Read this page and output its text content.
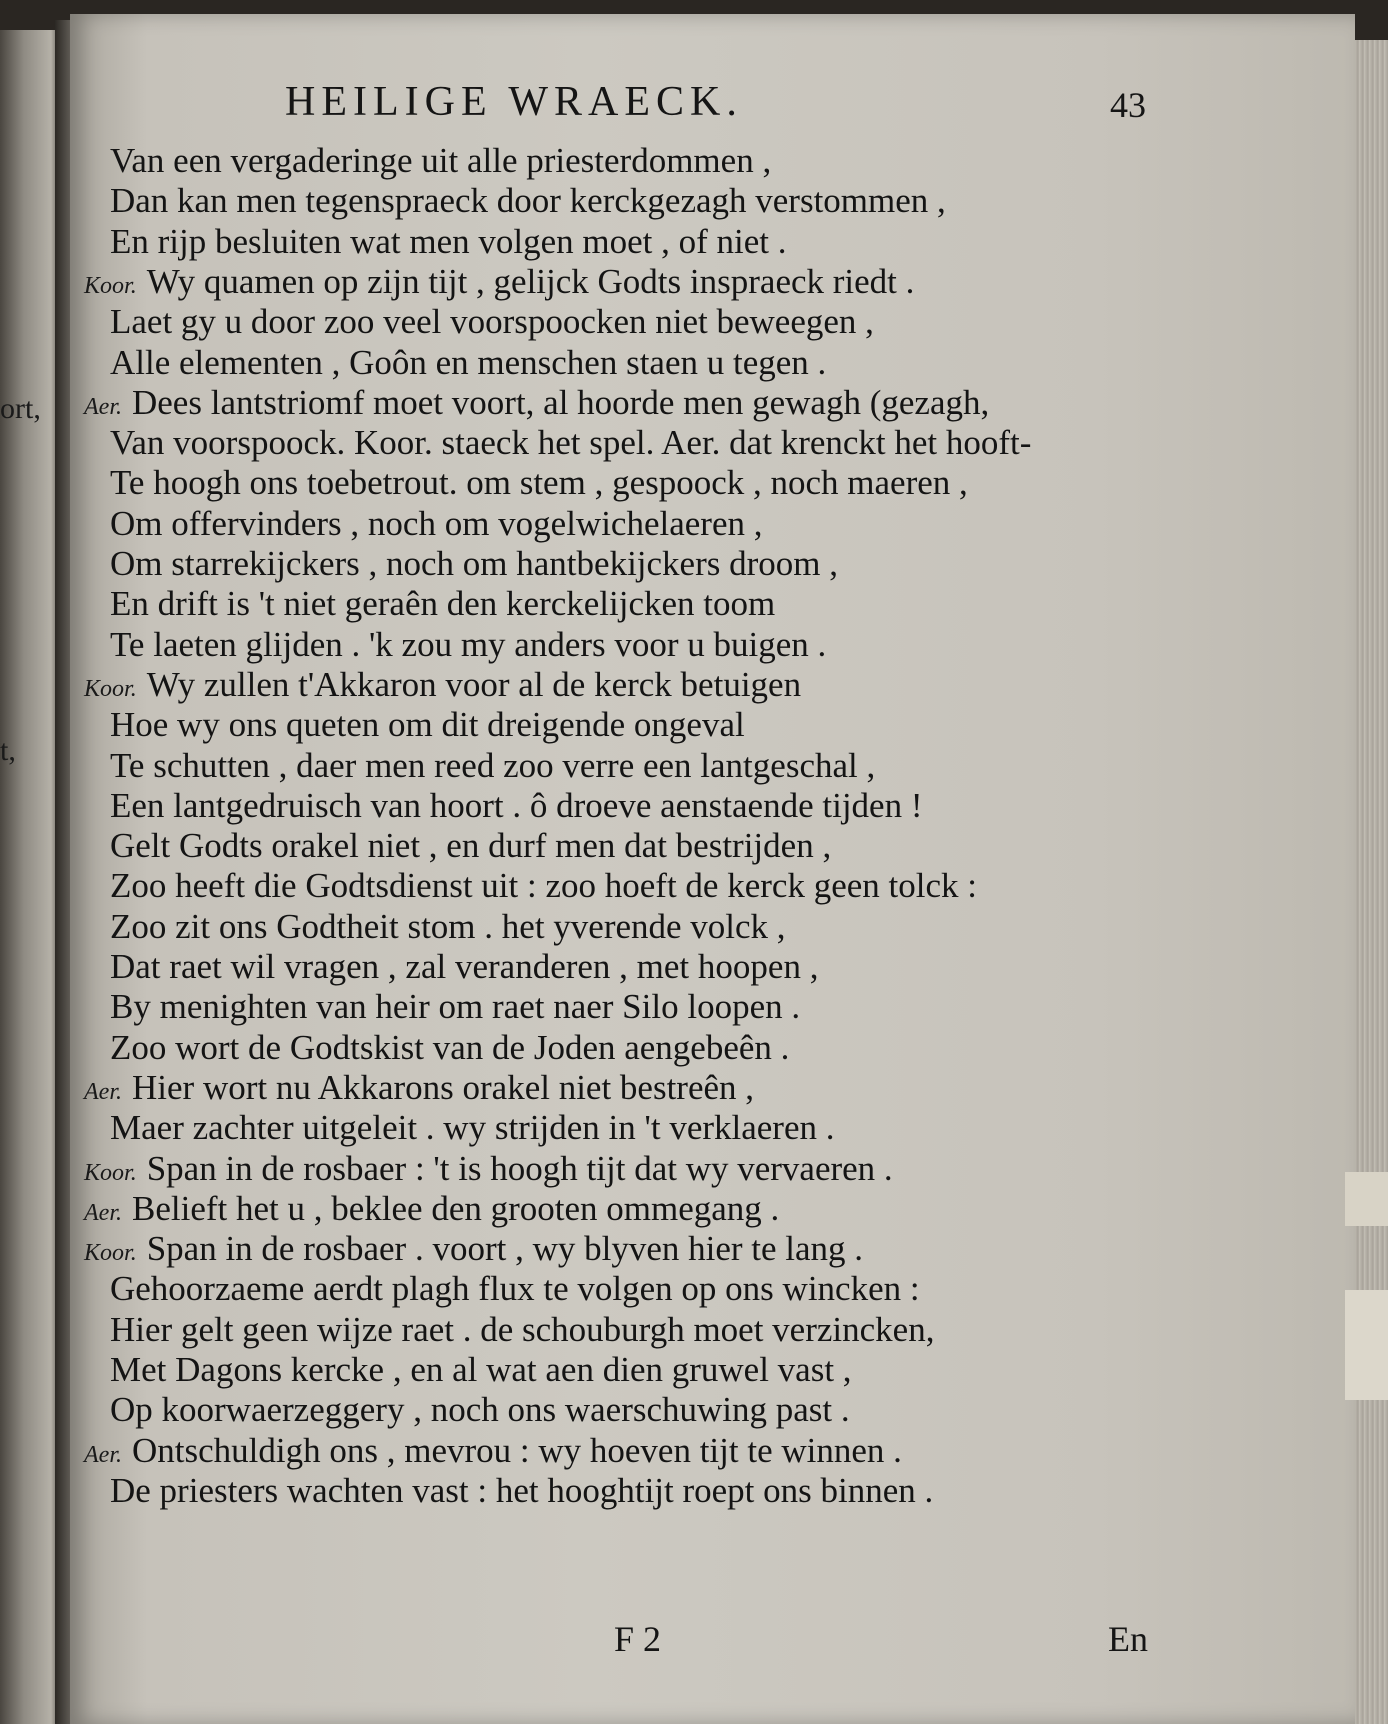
ort,
t,
HEILIGE WRAECK.	43
Van een vergaderinge uit alle priesterdommen ,
Dan kan men tegenspraeck door kerckgezagh verstommen ,
En rijp besluiten wat men volgen moet , of niet .
Koor. Wy quamen op zijn tijt , gelijck Godts inspraeck riedt .
Laet gy u door zoo veel voorspoocken niet beweegen ,
Alle elementen , Goôn en menschen staen u tegen .
Aer. Dees lantstriomf moet voort, al hoorde men gewagh (gezagh,
Van voorspoock. Koor. staeck het spel. Aer. dat krenckt het hooft-
Te hoogh ons toebetrout. om stem , gespoock , noch maeren ,
Om offervinders , noch om vogelwichelaeren ,
Om starrekijckers , noch om hantbekijckers droom ,
En drift is 't niet geraên den kerckelijcken toom
Te laeten glijden . 'k zou my anders voor u buigen .
Koor. Wy zullen t'Akkaron voor al de kerck betuigen
Hoe wy ons queten om dit dreigende ongeval
Te schutten , daer men reed zoo verre een lantgeschal ,
Een lantgedruisch van hoort . ô droeve aenstaende tijden !
Gelt Godts orakel niet , en durf men dat bestrijden ,
Zoo heeft die Godtsdienst uit : zoo hoeft de kerck geen tolck :
Zoo zit ons Godtheit stom . het yverende volck ,
Dat raet wil vragen , zal veranderen , met hoopen ,
By menighten van heir om raet naer Silo loopen .
Zoo wort de Godtskist van de Joden aengebeên .
Aer. Hier wort nu Akkarons orakel niet bestreên ,
Maer zachter uitgeleit . wy strijden in 't verklaeren .
Koor. Span in de rosbaer : 't is hoogh tijt dat wy vervaeren .
Aer. Belieft het u , beklee den grooten ommegang .
Koor. Span in de rosbaer . voort , wy blyven hier te lang .
Gehoorzaeme aerdt plagh flux te volgen op ons wincken :
Hier gelt geen wijze raet . de schouburgh moet verzincken,
Met Dagons kercke , en al wat aen dien gruwel vast ,
Op koorwaerzeggery , noch ons waerschuwing past .
Aer. Ontschuldigh ons , mevrou : wy hoeven tijt te winnen .
De priesters wachten vast : het hooghtijt roept ons binnen .
F 2	En
